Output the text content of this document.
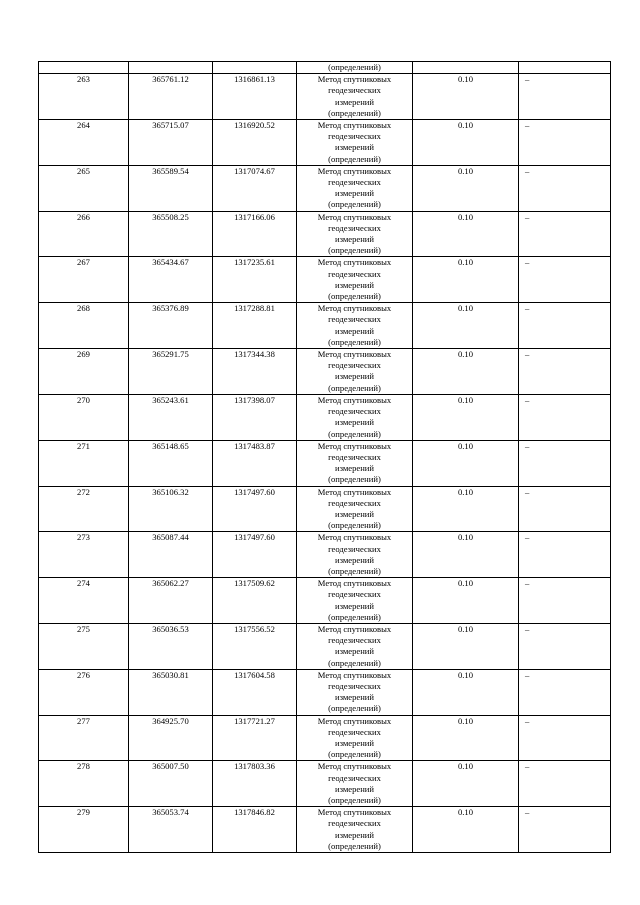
			(определений)		
263	365761.12	1316861.13	Метод спутниковых
геодезических
измерений
(определений)	0.10	–
264	365715.07	1316920.52	Метод спутниковых
геодезических
измерений
(определений)	0.10	–
265	365589.54	1317074.67	Метод спутниковых
геодезических
измерений
(определений)	0.10	–
266	365508.25	1317166.06	Метод спутниковых
геодезических
измерений
(определений)	0.10	–
267	365434.67	1317235.61	Метод спутниковых
геодезических
измерений
(определений)	0.10	–
268	365376.89	1317288.81	Метод спутниковых
геодезических
измерений
(определений)	0.10	–
269	365291.75	1317344.38	Метод спутниковых
геодезических
измерений
(определений)	0.10	–
270	365243.61	1317398.07	Метод спутниковых
геодезических
измерений
(определений)	0.10	–
271	365148.65	1317483.87	Метод спутниковых
геодезических
измерений
(определений)	0.10	–
272	365106.32	1317497.60	Метод спутниковых
геодезических
измерений
(определений)	0.10	–
273	365087.44	1317497.60	Метод спутниковых
геодезических
измерений
(определений)	0.10	–
274	365062.27	1317509.62	Метод спутниковых
геодезических
измерений
(определений)	0.10	–
275	365036.53	1317556.52	Метод спутниковых
геодезических
измерений
(определений)	0.10	–
276	365030.81	1317604.58	Метод спутниковых
геодезических
измерений
(определений)	0.10	–
277	364925.70	1317721.27	Метод спутниковых
геодезических
измерений
(определений)	0.10	–
278	365007.50	1317803.36	Метод спутниковых
геодезических
измерений
(определений)	0.10	–
279	365053.74	1317846.82	Метод спутниковых
геодезических
измерений
(определений)	0.10	–
